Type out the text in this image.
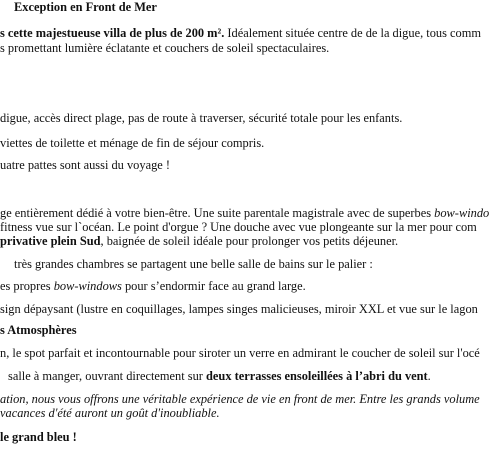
Exception en Front de Mer

s cette majestueuse villa de plus de 200 m². Idéalement située centre de de la digue, tous comm

s promettant lumière éclatante et couchers de soleil spectaculaires.

digue, accès direct plage, pas de route à traverser, sécurité totale pour les enfants.

viettes de toilette et ménage de fin de séjour compris.

uatre pattes sont aussi du voyage !

ge entièrement dédié à votre bien-être. Une suite parentale magistrale avec de superbes bow-windo

fitness vue sur l`océan. Le point d'orgue ? Une douche avec vue plongeante sur la mer pour com

privative plein Sud, baignée de soleil idéale pour prolonger vos petits déjeuner.

très grandes chambres se partagent une belle salle de bains sur le palier :

es propres bow-windows pour s’endormir face au grand large.

sign dépaysant (lustre en coquillages, lampes singes malicieuses, miroir XXL et vue sur le lagon

s Atmosphères

n, le spot parfait et incontournable pour siroter un verre en admirant le coucher de soleil sur l'océ

salle à manger, ouvrant directement sur deux terrasses ensoleillées à l’abri du vent.

ation, nous vous offrons une véritable expérience de vie en front de mer. Entre les grands volume

vacances d'été auront un goût d'inoubliable.

le grand bleu !
